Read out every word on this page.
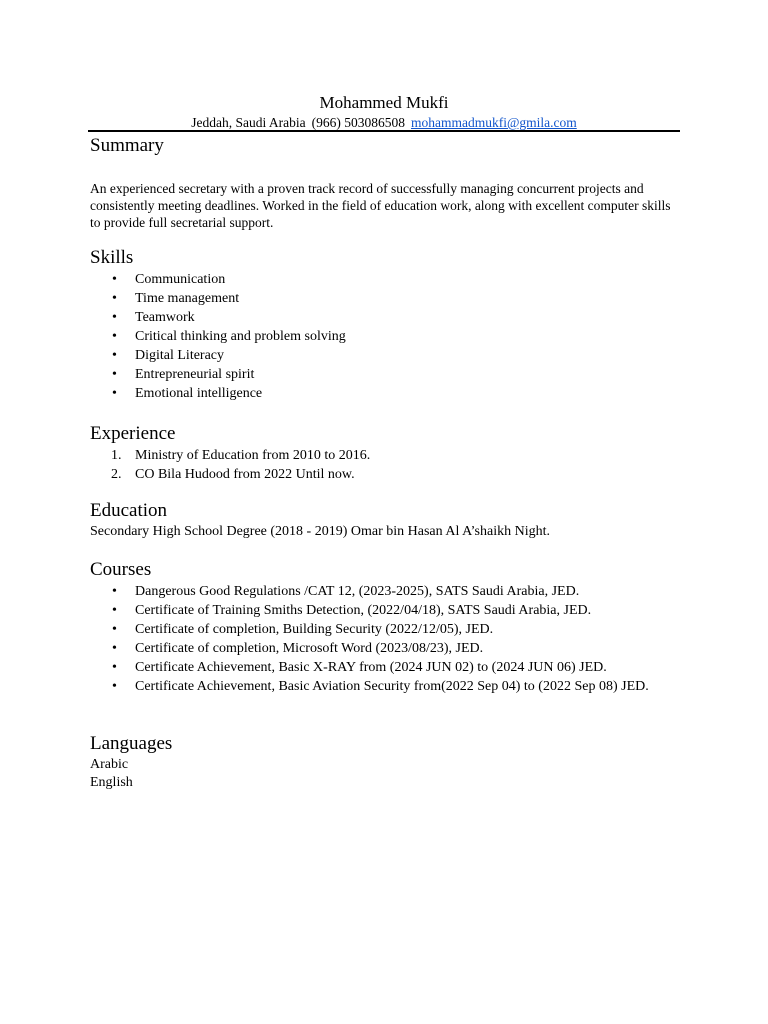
Mohammed Mukfi

Jeddah, Saudi Arabia (966) 503086508 mohammadmukfi@gmila.com

Summary

An experienced secretary with a proven track record of successfully managing concurrent projects and consistently meeting deadlines. Worked in the field of education work, along with excellent computer skills to provide full secretarial support.

Skills
• Communication
• Time management
• Teamwork
• Critical thinking and problem solving
• Digital Literacy
• Entrepreneurial spirit
• Emotional intelligence
Experience
1. Ministry of Education from 2010 to 2016.
2. CO Bila Hudood from 2022 Until now.
Education

Secondary High School Degree (2018 - 2019) Omar bin Hasan Al A’shaikh Night.

Courses
• Dangerous Good Regulations /CAT 12, (2023-2025), SATS Saudi Arabia, JED.
• Certificate of Training Smiths Detection, (2022/04/18), SATS Saudi Arabia, JED.
• Certificate of completion, Building Security (2022/12/05), JED.
• Certificate of completion, Microsoft Word (2023/08/23), JED.
• Certificate Achievement, Basic X-RAY from (2024 JUN 02) to (2024 JUN 06) JED.
• Certificate Achievement, Basic Aviation Security from(2022 Sep 04) to (2022 Sep 08) JED.
Languages

Arabic

English
